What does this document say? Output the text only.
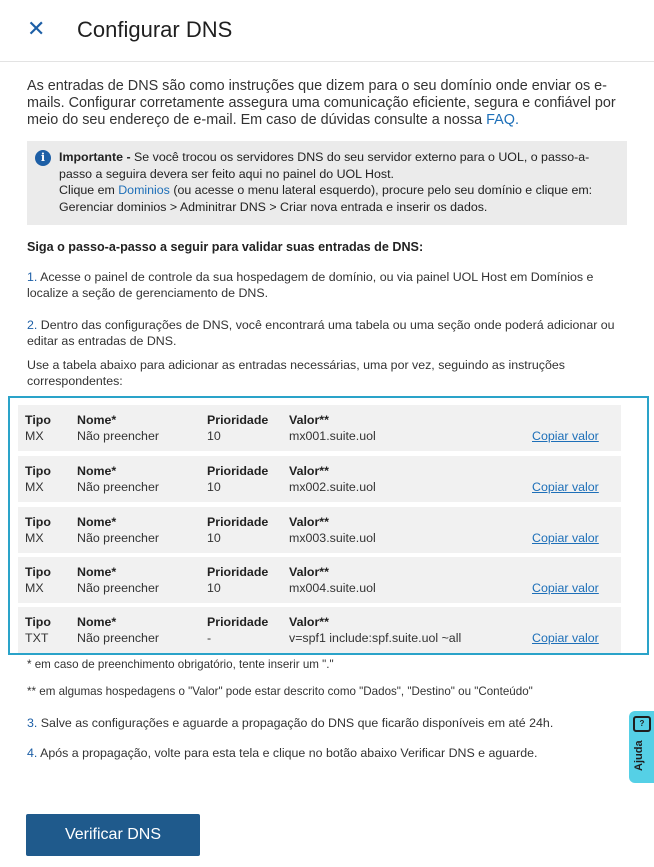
✕ Configurar DNS

As entradas de DNS são como instruções que dizem para o seu domínio onde enviar os e-mails. Configurar corretamente assegura uma comunicação eficiente, segura e confiável por meio do seu endereço de e-mail. Em caso de dúvidas consulte a nossa FAQ.

i	Importante - Se você trocou os servidores DNS do seu servidor externo para o UOL, o passo-a-passo a seguira devera ser feito aqui no painel do UOL Host.
Clique em Dominios (ou acesse o menu lateral esquerdo), procure pelo seu domínio e clique em:
Gerenciar dominios > Adminitrar DNS > Criar nova entrada e inserir os dados.
Siga o passo-a-passo a seguir para validar suas entradas de DNS:

1. Acesse o painel de controle da sua hospedagem de domínio, ou via painel UOL Host em Domínios e localize a seção de gerenciamento de DNS.

2. Dentro das configurações de DNS, você encontrará uma tabela ou uma seção onde poderá adicionar ou editar as entradas de DNS.

Use a tabela abaixo para adicionar as entradas necessárias, uma por vez, seguindo as instruções correspondentes:

Tipo Nome*	Prioridade Valor**
MX	Não preencher	10	mx001.suite.uol	Copiar valor
Tipo Nome*	Prioridade Valor**
MX	Não preencher	10	mx002.suite.uol	Copiar valor
Tipo Nome*	Prioridade Valor**
MX	Não preencher	10	mx003.suite.uol	Copiar valor
Tipo Nome*	Prioridade Valor**
MX	Não preencher	10	mx004.suite.uol	Copiar valor
Tipo Nome*	Prioridade Valor**
TXT Não preencher	-	v=spf1 include:spf.suite.uol ~all	Copiar valor
* em caso de preenchimento obrigatório, tente inserir um "."
** em algumas hospedagens o "Valor" pode estar descrito como "Dados", "Destino" ou "Conteúdo"

3. Salve as configurações e aguarde a propagação do DNS que ficarão disponíveis em até 24h.

4. Após a propagação, volte para esta tela e clique no botão abaixo Verificar DNS e aguarde.

Verificar DNS
?
Ajuda
